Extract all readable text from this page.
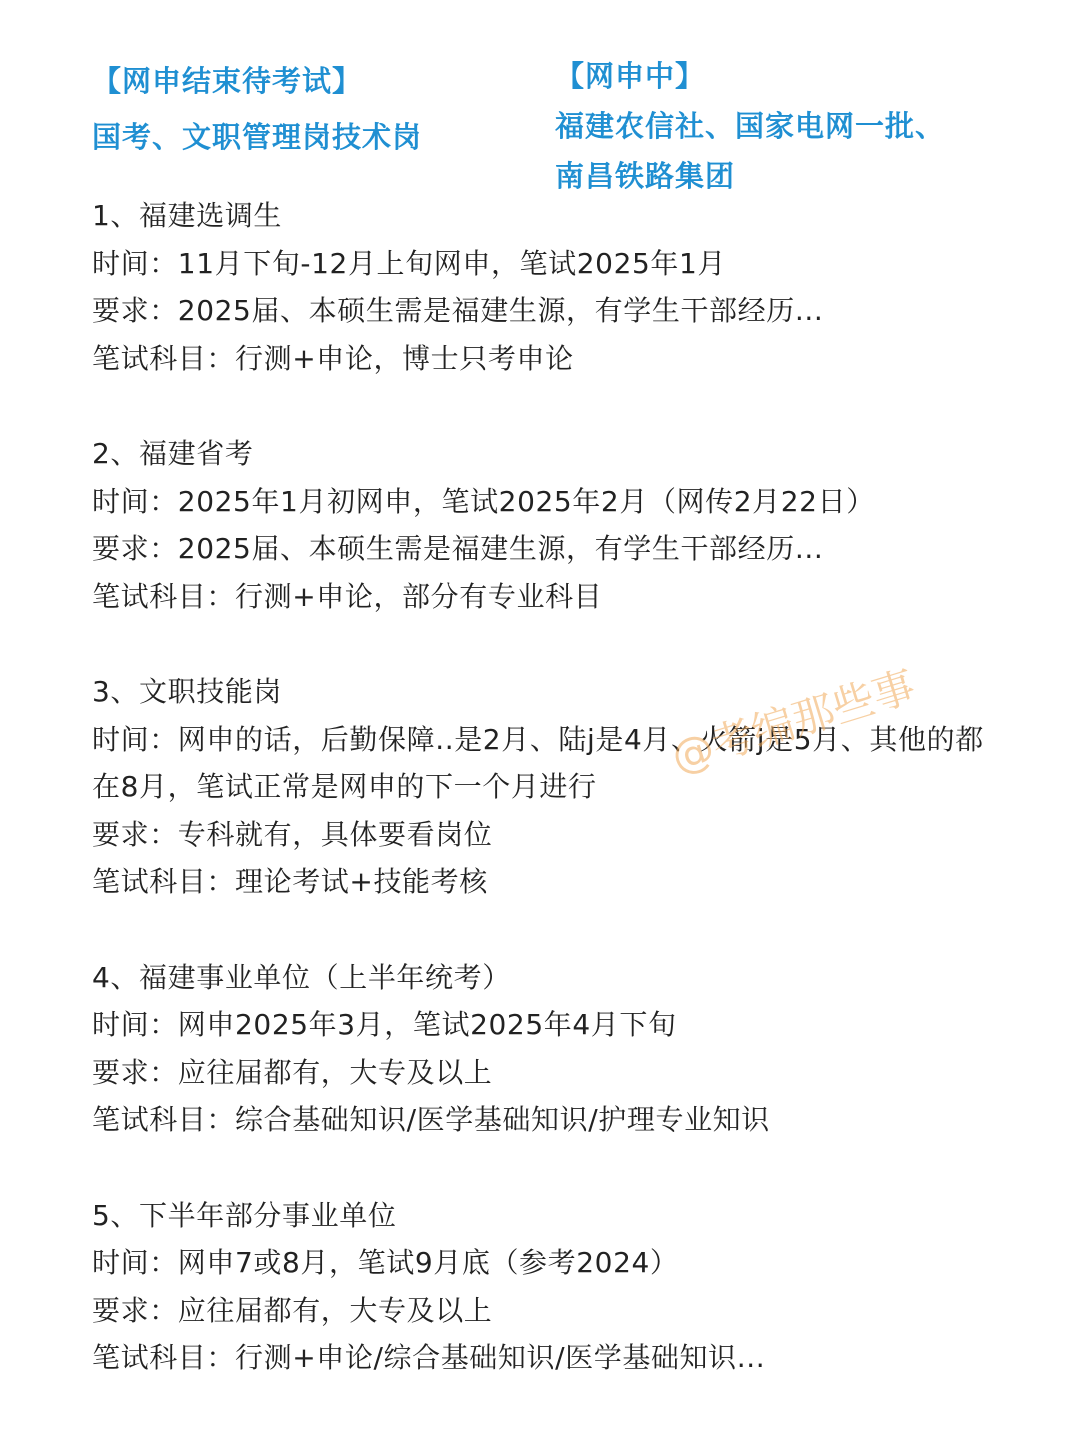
【网申结束待考试】
国考、文职管理岗技术岗
【网申中】
福建农信社、国家电网一批、
南昌铁路集团
1、福建选调生
时间：11月下旬-12月上旬网申，笔试2025年1月
要求：2025届、本硕生需是福建生源，有学生干部经历...
笔试科目：行测+申论，博士只考申论
2、福建省考
时间：2025年1月初网申，笔试2025年2月（网传2月22日）
要求：2025届、本硕生需是福建生源，有学生干部经历...
笔试科目：行测+申论，部分有专业科目
3、文职技能岗
时间：网申的话，后勤保障..是2月、陆j是4月、火箭j是5月、其他的都在8月，笔试正常是网申的下一个月进行
要求：专科就有，具体要看岗位
笔试科目：理论考试+技能考核
4、福建事业单位（上半年统考）
时间：网申2025年3月，笔试2025年4月下旬
要求：应往届都有，大专及以上
笔试科目：综合基础知识/医学基础知识/护理专业知识
5、下半年部分事业单位
时间：网申7或8月，笔试9月底（参考2024）
要求：应往届都有，大专及以上
笔试科目：行测+申论/综合基础知识/医学基础知识...
@考编那些事
